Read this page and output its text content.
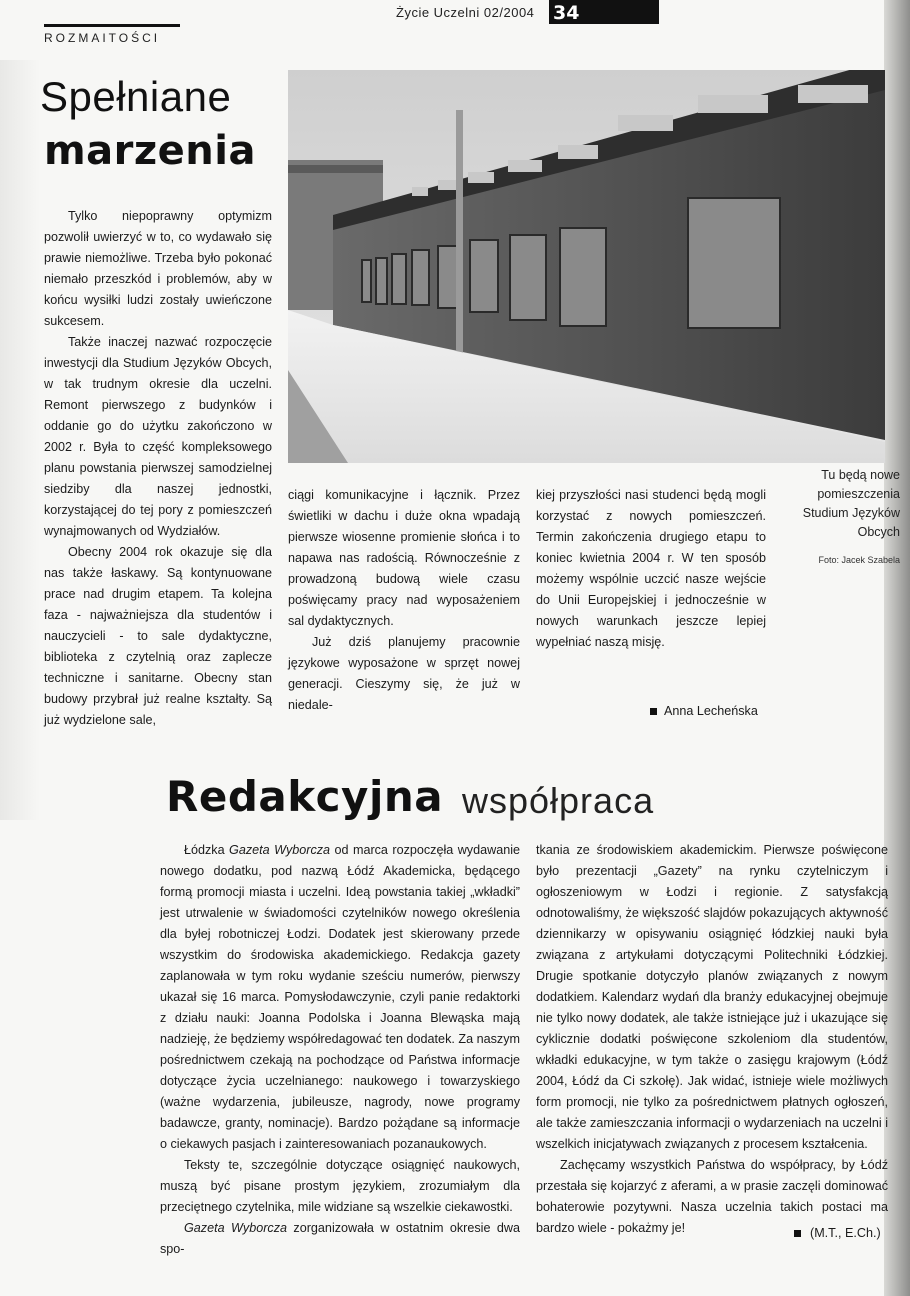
Życie Uczelni 02/2004 34
ROZMAITOŚCI
Spełniane
marzenia
Tu będą nowe pomieszczenia Studium Języków Obcych
Foto: Jacek Szabela

Tylko niepoprawny optymizm pozwolił uwierzyć w to, co wydawało się prawie niemożliwe. Trzeba było pokonać niemało przeszkód i problemów, aby w końcu wysiłki ludzi zostały uwieńczone sukcesem.

Także inaczej nazwać rozpoczęcie inwestycji dla Studium Języków Obcych, w tak trudnym okresie dla uczelni. Remont pierwszego z budynków i oddanie go do użytku zakończono w 2002 r. Była to część kompleksowego planu powstania pierwszej samodzielnej siedziby dla naszej jednostki, korzystającej do tej pory z pomieszczeń wynajmowanych od Wydziałów.

Obecny 2004 rok okazuje się dla nas także łaskawy. Są kontynuowane prace nad drugim etapem. Ta kolejna faza - najważniejsza dla studentów i nauczycieli - to sale dydaktyczne, biblioteka z czytelnią oraz zaplecze techniczne i sanitarne. Obecny stan budowy przybrał już realne kształty. Są już wydzielone sale,

ciągi komunikacyjne i łącznik. Przez świetliki w dachu i duże okna wpadają pierwsze wiosenne promienie słońca i to napawa nas radością. Równocześnie z prowadzoną budową wiele czasu poświęcamy pracy nad wyposażeniem sal dydaktycznych.

Już dziś planujemy pracownie językowe wyposażone w sprzęt nowej generacji. Cieszymy się, że już w niedale-

kiej przyszłości nasi studenci będą mogli korzystać z nowych pomieszczeń. Termin zakończenia drugiego etapu to koniec kwietnia 2004 r. W ten sposób możemy wspólnie uczcić nasze wejście do Unii Europejskiej i jednocześnie w nowych warunkach jeszcze lepiej wypełniać naszą misję.

Anna Lecheńska
Redakcyjna współpraca

Łódzka Gazeta Wyborcza od marca rozpoczęła wydawanie nowego dodatku, pod nazwą Łódź Akademicka, będącego formą promocji miasta i uczelni. Ideą powstania takiej „wkładki” jest utrwalenie w świadomości czytelników nowego określenia dla byłej robotniczej Łodzi. Dodatek jest skierowany przede wszystkim do środowiska akademickiego. Redakcja gazety zaplanowała w tym roku wydanie sześciu numerów, pierwszy ukazał się 16 marca. Pomysłodawczynie, czyli panie redaktorki z działu nauki: Joanna Podolska i Joanna Blewąska mają nadzieję, że będziemy współredagować ten dodatek. Za naszym pośrednictwem czekają na pochodzące od Państwa informacje dotyczące życia uczelnianego: naukowego i towarzyskiego (ważne wydarzenia, jubileusze, nagrody, nowe programy badawcze, granty, nominacje). Bardzo pożądane są informacje o ciekawych pasjach i zainteresowaniach pozanaukowych.

Teksty te, szczególnie dotyczące osiągnięć naukowych, muszą być pisane prostym językiem, zrozumiałym dla przeciętnego czytelnika, mile widziane są wszelkie ciekawostki.

Gazeta Wyborcza zorganizowała w ostatnim okresie dwa spo-

tkania ze środowiskiem akademickim. Pierwsze poświęcone było prezentacji „Gazety” na rynku czytelniczym i ogłoszeniowym w Łodzi i regionie. Z satysfakcją odnotowaliśmy, że większość slajdów pokazujących aktywność dziennikarzy w opisywaniu osiągnięć łódzkiej nauki była związana z artykułami dotyczącymi Politechniki Łódzkiej. Drugie spotkanie dotyczyło planów związanych z nowym dodatkiem. Kalendarz wydań dla branży edukacyjnej obejmuje nie tylko nowy dodatek, ale także istniejące już i ukazujące się cyklicznie dodatki poświęcone szkoleniom dla studentów, wkładki edukacyjne, w tym także o zasięgu krajowym (Łódź 2004, Łódź da Ci szkołę). Jak widać, istnieje wiele możliwych form promocji, nie tylko za pośrednictwem płatnych ogłoszeń, ale także zamieszczania informacji o wydarzeniach na uczelni i wszelkich inicjatywach związanych z procesem kształcenia.

Zachęcamy wszystkich Państwa do współpracy, by Łódź przestała się kojarzyć z aferami, a w prasie zaczęli dominować bohaterowie pozytywni. Nasza uczelnia takich postaci ma bardzo wiele - pokażmy je!	(M.T., E.Ch.)
